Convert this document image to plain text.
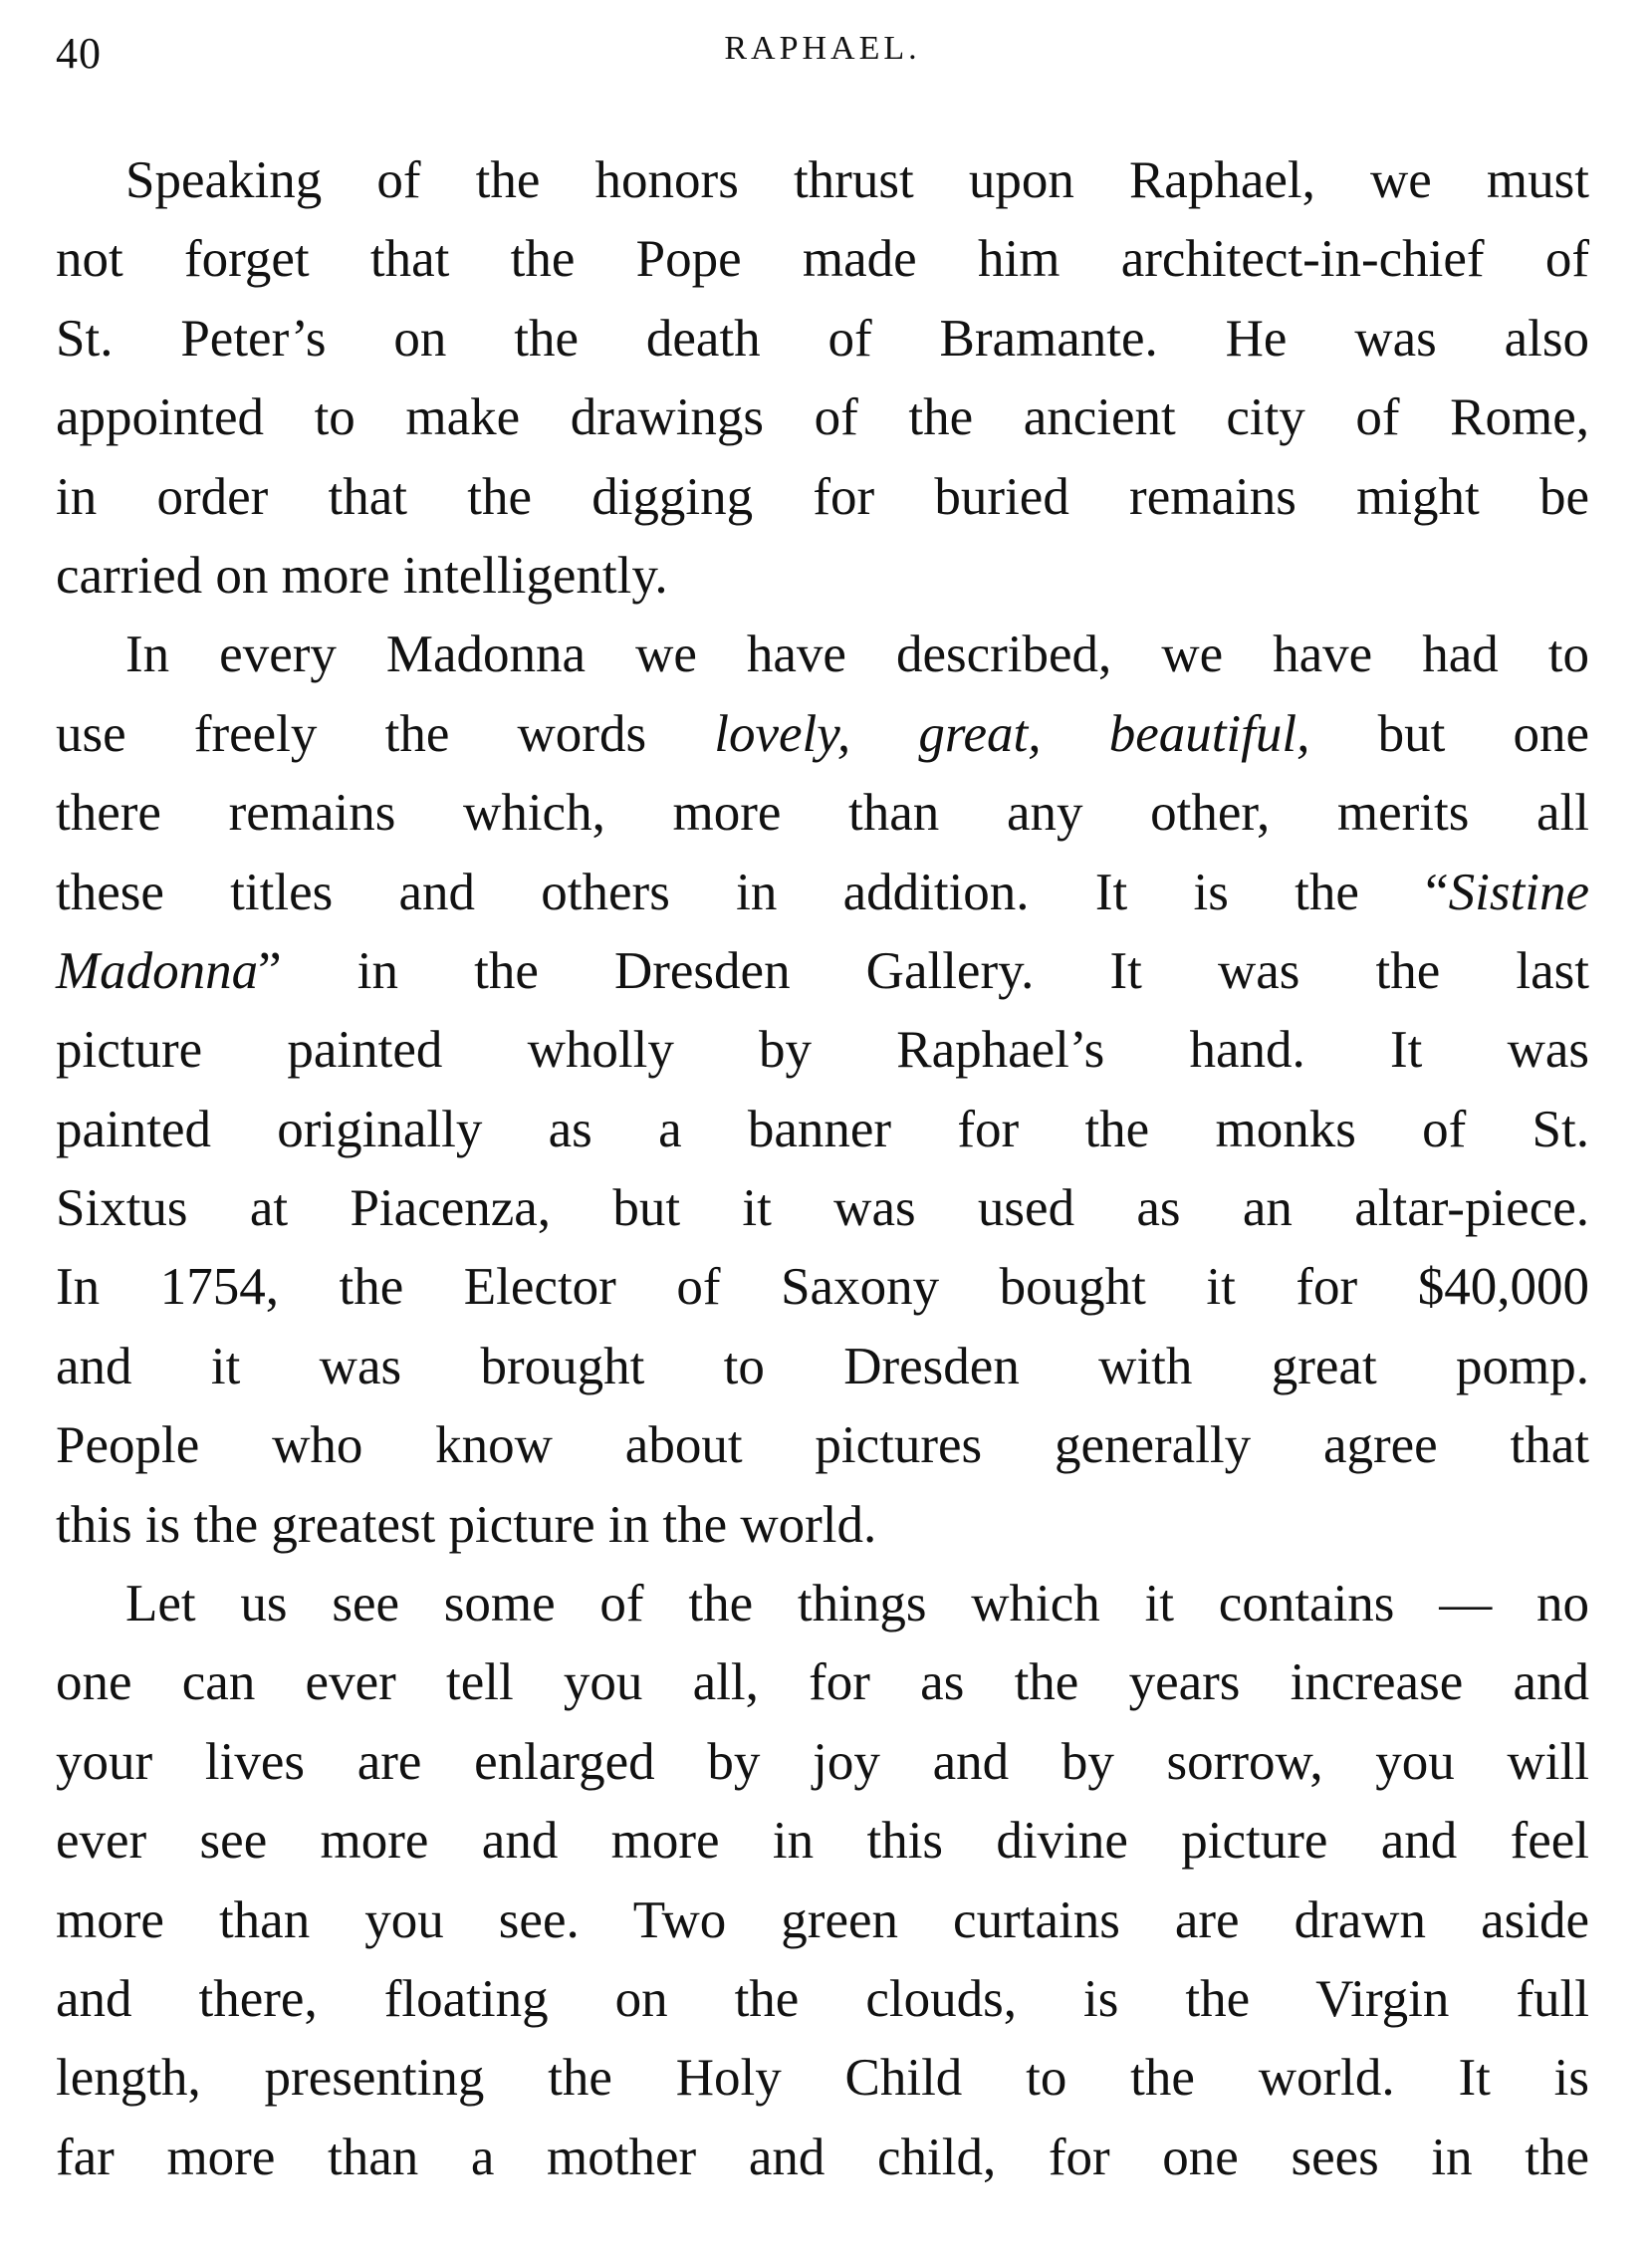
40	RAPHAEL.
Speaking of the honors thrust upon Raphael, we must
not forget that the Pope made him architect-in-chief of
St. Peter’s on the death of Bramante. He was also
appointed to make drawings of the ancient city of Rome,
in order that the digging for buried remains might be
carried on more intelligently.
In every Madonna we have described, we have had to
use freely the words lovely, great, beautiful, but one
there remains which, more than any other, merits all
these titles and others in addition. It is the “Sistine
Madonna” in the Dresden Gallery. It was the last
picture painted wholly by Raphael’s hand. It was
painted originally as a banner for the monks of St.
Sixtus at Piacenza, but it was used as an altar-piece.
In 1754, the Elector of Saxony bought it for $40,000
and it was brought to Dresden with great pomp.
People who know about pictures generally agree that
this is the greatest picture in the world.
Let us see some of the things which it contains — no
one can ever tell you all, for as the years increase and
your lives are enlarged by joy and by sorrow, you will
ever see more and more in this divine picture and feel
more than you see. Two green curtains are drawn aside
and there, floating on the clouds, is the Virgin full
length, presenting the Holy Child to the world. It is
far more than a mother and child, for one sees in the
